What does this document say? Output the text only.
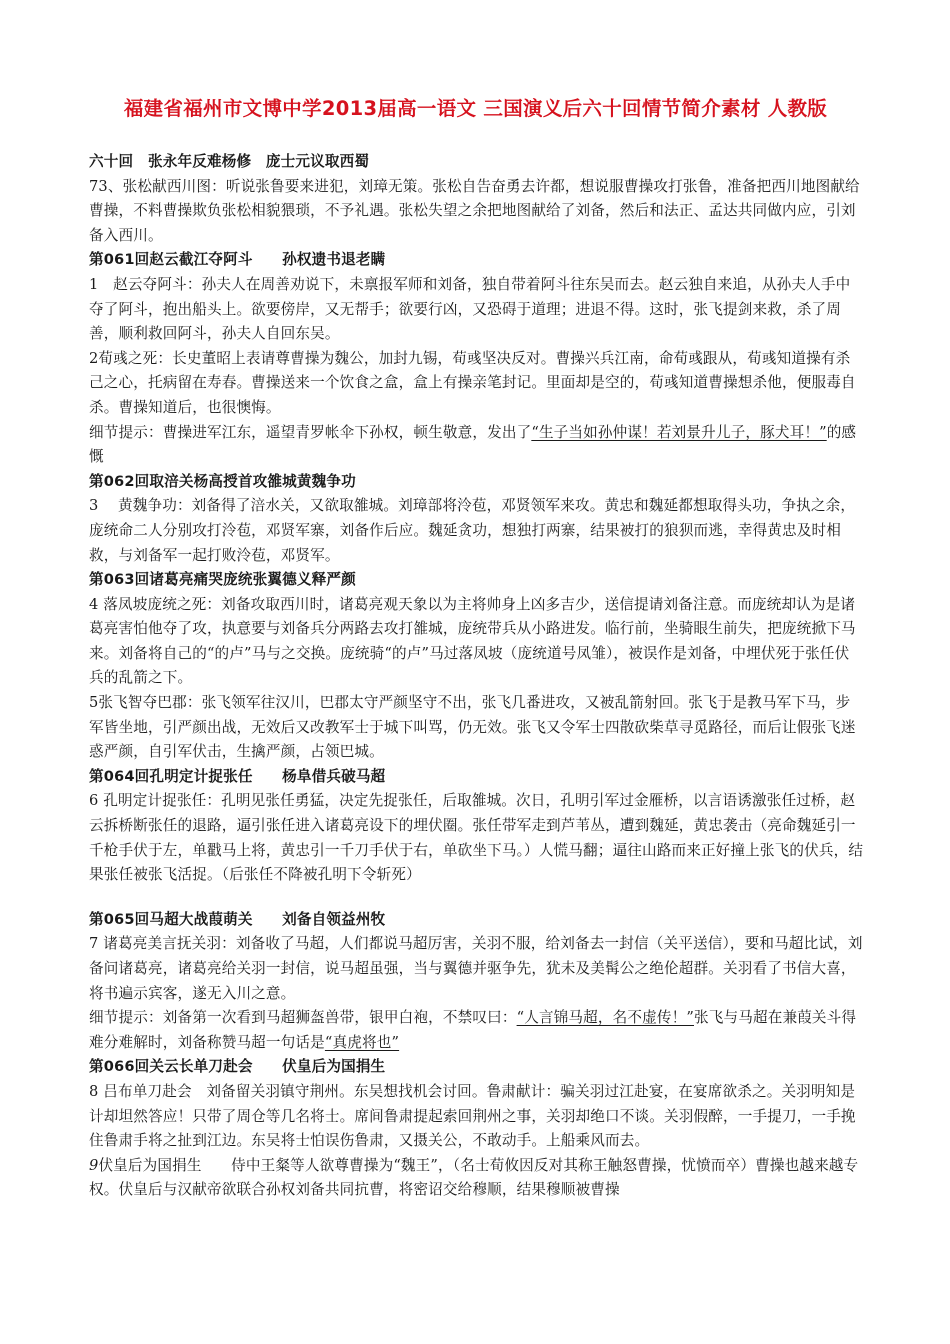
福建省福州市文博中学2013届高一语文 三国演义后六十回情节简介素材 人教版

六十回　张永年反难杨修　庞士元议取西蜀

73、张松献西川图：听说张鲁要来进犯，刘璋无策。张松自告奋勇去许都，想说服曹操攻打张鲁，准备把西川地图献给曹操，不料曹操欺负张松相貌猥琐，不予礼遇。张松失望之余把地图献给了刘备，然后和法正、孟达共同做内应，引刘备入西川。

第061回赵云截江夺阿斗　　孙权遗书退老瞒

1　赵云夺阿斗：孙夫人在周善劝说下，未禀报军师和刘备，独自带着阿斗往东吴而去。赵云独自来追，从孙夫人手中夺了阿斗，抱出船头上。欲要傍岸，又无帮手；欲要行凶，又恐碍于道理；进退不得。这时，张飞提剑来救，杀了周善，顺利救回阿斗，孙夫人自回东吴。

2荀彧之死：长史董昭上表请尊曹操为魏公，加封九锡，荀彧坚决反对。曹操兴兵江南，命荀彧跟从，荀彧知道操有杀己之心，托病留在寿春。曹操送来一个饮食之盒，盒上有操亲笔封记。里面却是空的，荀彧知道曹操想杀他，便服毒自杀。曹操知道后，也很懊悔。

细节提示：曹操进军江东，遥望青罗帐伞下孙权，顿生敬意，发出了“生子当如孙仲谋！若刘景升儿子，豚犬耳！”的感慨

第062回取涪关杨高授首攻雒城黄魏争功

3　 黄魏争功：刘备得了涪水关，又欲取雒城。刘璋部将泠苞，邓贤领军来攻。黄忠和魏延都想取得头功，争执之余，庞统命二人分别攻打泠苞，邓贤军寨，刘备作后应。魏延贪功，想独打两寨，结果被打的狼狈而逃，幸得黄忠及时相救，与刘备军一起打败泠苞，邓贤军。

第063回诸葛亮痛哭庞统张翼德义释严颜

4 落凤坡庞统之死：刘备攻取西川时，诸葛亮观天象以为主将帅身上凶多吉少，送信提请刘备注意。而庞统却认为是诸葛亮害怕他夺了攻，执意要与刘备兵分两路去攻打雒城，庞统带兵从小路进发。临行前，坐骑眼生前失，把庞统掀下马来。刘备将自己的“的卢”马与之交换。庞统骑“的卢”马过落凤坡（庞统道号凤雏），被误作是刘备，中埋伏死于张任伏兵的乱箭之下。

5张飞智夺巴郡：张飞领军往汉川，巴郡太守严颜坚守不出，张飞几番进攻，又被乱箭射回。张飞于是教马军下马，步军皆坐地，引严颜出战，无效后又改教军士于城下叫骂，仍无效。张飞又令军士四散砍柴草寻觅路径，而后让假张飞迷惑严颜，自引军伏击，生擒严颜，占领巴城。

第064回孔明定计捉张任　　杨阜借兵破马超

6 孔明定计捉张任：孔明见张任勇猛，决定先捉张任，后取雒城。次日，孔明引军过金雁桥，以言语诱激张任过桥，赵云拆桥断张任的退路，逼引张任进入诸葛亮设下的埋伏圈。张任带军走到芦苇丛，遭到魏延，黄忠袭击（亮命魏延引一千枪手伏于左，单戳马上将，黄忠引一千刀手伏于右，单砍坐下马。）人慌马翻；逼往山路而来正好撞上张飞的伏兵，结果张任被张飞活捉。（后张任不降被孔明下令斩死）

第065回马超大战葭萌关　　刘备自领益州牧

7 诸葛亮美言抚关羽：刘备收了马超，人们都说马超厉害，关羽不服，给刘备去一封信（关平送信），要和马超比试，刘备问诸葛亮，诸葛亮给关羽一封信，说马超虽强，当与翼德并驱争先，犹未及美髯公之绝伦超群。关羽看了书信大喜，将书遍示宾客，遂无入川之意。

细节提示：刘备第一次看到马超狮盔兽带，银甲白袍，不禁叹曰：“人言锦马超，名不虚传！”张飞与马超在兼葭关斗得难分难解时，刘备称赞马超一句话是“真虎将也”

第066回关云长单刀赴会　　伏皇后为国捐生

8 吕布单刀赴会　刘备留关羽镇守荆州。东吴想找机会讨回。鲁肃献计：骗关羽过江赴宴，在宴席欲杀之。关羽明知是计却坦然答应！只带了周仓等几名将士。席间鲁肃提起索回荆州之事，关羽却绝口不谈。关羽假醉，一手提刀，一手挽住鲁肃手将之扯到江边。东吴将士怕误伤鲁肃，又摄关公，不敢动手。上船乘风而去。

9伏皇后为国捐生　　侍中王粲等人欲尊曹操为“魏王”，（名士荀攸因反对其称王触怒曹操，忧愤而卒）曹操也越来越专权。伏皇后与汉献帝欲联合孙权刘备共同抗曹，将密诏交给穆顺，结果穆顺被曹操
